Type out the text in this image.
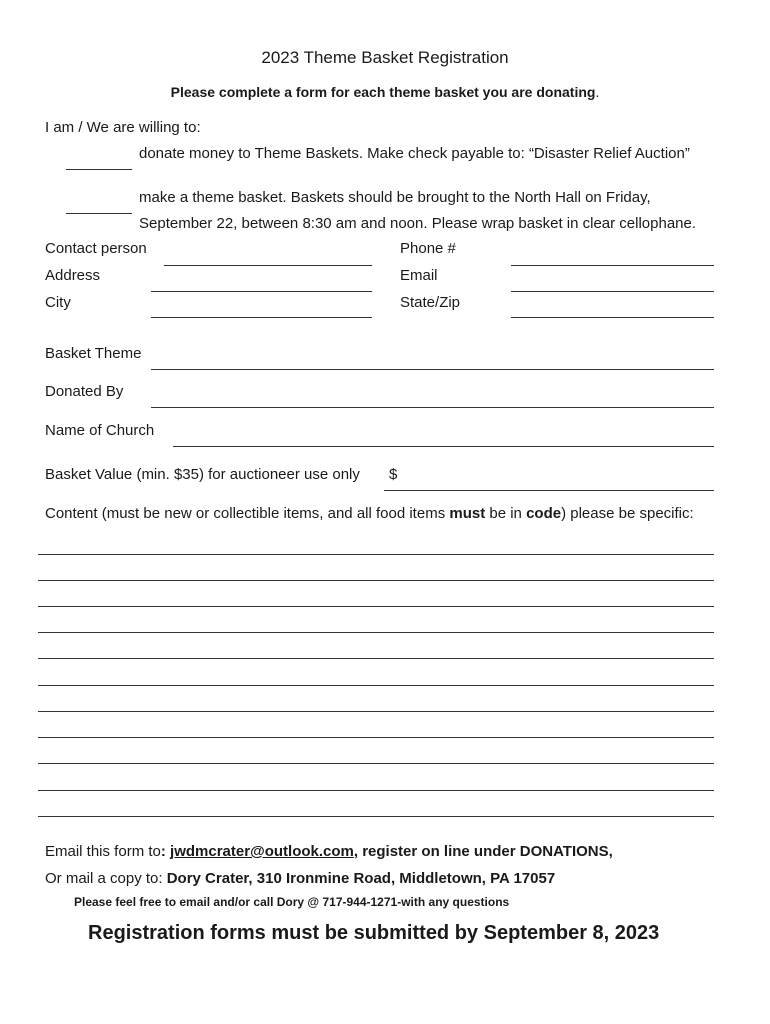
2023 Theme Basket Registration
Please complete a form for each theme basket you are donating.
I am / We are willing to:
donate money to Theme Baskets. Make check payable to: “Disaster Relief Auction”
make a theme basket. Baskets should be brought to the North Hall on Friday,
September 22, between 8:30 am and noon. Please wrap basket in clear cellophane.
Contact person	Phone #
Address	Email
City	State/Zip
Basket Theme
Donated By
Name of Church
Basket Value (min. $35) for auctioneer use only $
Content (must be new or collectible items, and all food items must be in code) please be specific:
Email this form to: jwdmcrater@outlook.com, register on line under DONATIONS,
Or mail a copy to: Dory Crater, 310 Ironmine Road, Middletown, PA 17057
Please feel free to email and/or call Dory @ 717-944-1271-with any questions
Registration forms must be submitted by September 8, 2023
